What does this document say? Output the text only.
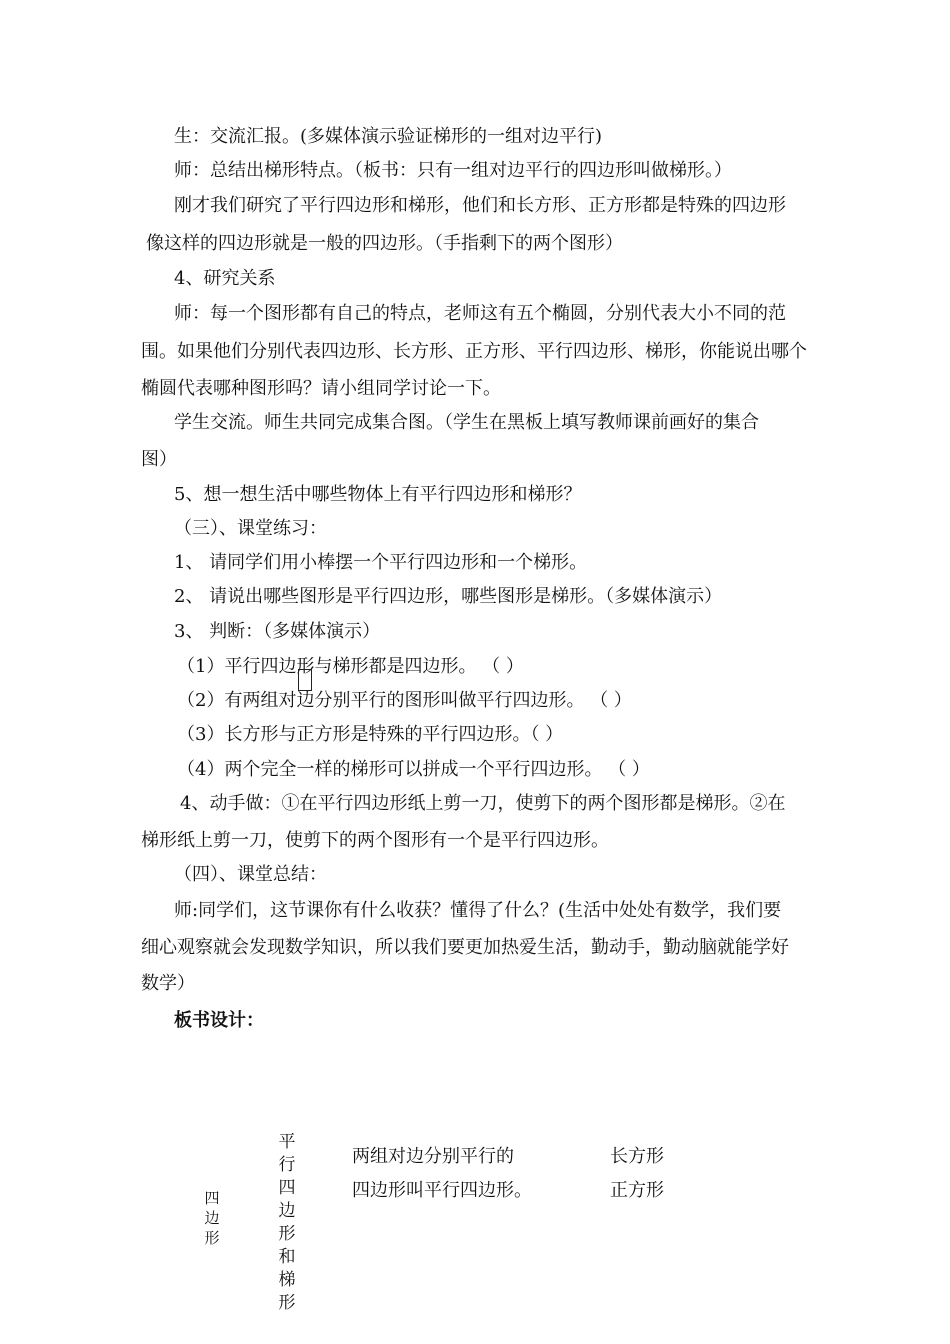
生：交流汇报。(多媒体演示验证梯形的一组对边平行)
师：总结出梯形特点。（板书：只有一组对边平行的四边形叫做梯形。）
刚才我们研究了平行四边形和梯形，他们和长方形、正方形都是特殊的四边形
像这样的四边形就是一般的四边形。（手指剩下的两个图形）
4、研究关系
师：每一个图形都有自己的特点，老师这有五个椭圆，分别代表大小不同的范
围。如果他们分别代表四边形、长方形、正方形、平行四边形、梯形，你能说出哪个
椭圆代表哪种图形吗？请小组同学讨论一下。
学生交流。师生共同完成集合图。（学生在黑板上填写教师课前画好的集合
图）
5、想一想生活中哪些物体上有平行四边形和梯形？
（三）、课堂练习：
1、 请同学们用小棒摆一个平行四边形和一个梯形。
2、 请说出哪些图形是平行四边形，哪些图形是梯形。（多媒体演示）
3、 判断：（多媒体演示）
（1）平行四边形与梯形都是四边形。 （ ）
（2）有两组对边分别平行的图形叫做平行四边形。 （ ）
（3）长方形与正方形是特殊的平行四边形。（ ）
（4）两个完全一样的梯形可以拼成一个平行四边形。 （ ）
4、动手做：①在平行四边形纸上剪一刀，使剪下的两个图形都是梯形。②在
梯形纸上剪一刀，使剪下的两个图形有一个是平行四边形。
（四）、课堂总结：
师:同学们，这节课你有什么收获？懂得了什么？(生活中处处有数学，我们要
细心观察就会发现数学知识，所以我们要更加热爱生活，勤动手，勤动脑就能学好
数学）
板书设计：
四边形
平行四边形和梯形
两组对边分别平行的
四边形叫平行四边形。
长方形
正方形
